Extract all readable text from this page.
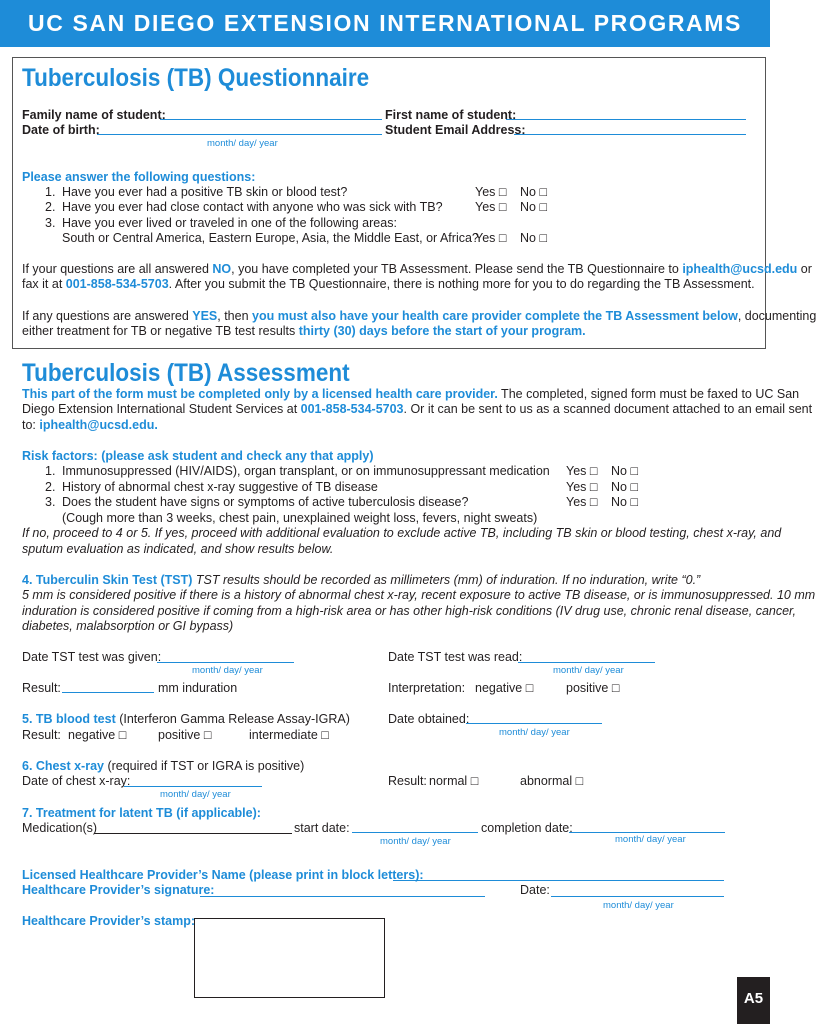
UC SAN DIEGO EXTENSION INTERNATIONAL PROGRAMS 2013
Tuberculosis (TB) Questionnaire
Family name of student:	First name of student:
Date of birth:	Student Email Address:
month/ day/ year
Please answer the following questions:
1. Have you ever had a positive TB skin or blood test?	Yes □ No □
2. Have you ever had close contact with anyone who was sick with TB?	Yes □ No □
3. Have you ever lived or traveled in one of the following areas:
South or Central America, Eastern Europe, Asia, the Middle East, or Africa?
Yes □ No □
If your questions are all answered NO, you have completed your TB Assessment. Please send the TB Questionnaire to iphealth@ucsd.edu or
fax it at 001-858-534-5703. After you submit the TB Questionnaire, there is nothing more for you to do regarding the TB Assessment.
If any questions are answered YES, then you must also have your health care provider complete the TB Assessment below, documenting
either treatment for TB or negative TB test results thirty (30) days before the start of your program.
Tuberculosis (TB) Assessment
This part of the form must be completed only by a licensed health care provider. The completed, signed form must be faxed to UC San
Diego Extension International Student Services at 001-858-534-5703. Or it can be sent to us as a scanned document attached to an email sent
to: iphealth@ucsd.edu.
Risk factors: (please ask student and check any that apply)
1. Immunosuppressed (HIV/AIDS), organ transplant, or on immunosuppressant medication Yes □ No □
2. History of abnormal chest x-ray suggestive of TB disease	Yes □ No □
3. Does the student have signs or symptoms of active tuberculosis disease?	Yes □ No □
(Cough more than 3 weeks, chest pain, unexplained weight loss, fevers, night sweats)
If no, proceed to 4 or 5. If yes, proceed with additional evaluation to exclude active TB, including TB skin or blood testing, chest x-ray, and
sputum evaluation as indicated, and show results below.
4. Tuberculin Skin Test (TST) TST results should be recorded as millimeters (mm) of induration. If no induration, write “0.”
5 mm is considered positive if there is a history of abnormal chest x-ray, recent exposure to active TB disease, or is immunosuppressed. 10 mm
induration is considered positive if coming from a high-risk area or has other high-risk conditions (IV drug use, chronic renal disease, cancer,
diabetes, malabsorption or GI bypass)
Date TST test was given:
month/ day/ year
Date TST test was read:
month/ day/ year
Result:	mm induration	Interpretation: negative □	positive □
5. TB blood test (Interferon Gamma Release Assay-IGRA)	Date obtained:
month/ day/ year
Result: negative □	positive □	intermediate □
6. Chest x-ray (required if TST or IGRA is positive)
Date of chest x-ray:
month/ day/ year
Result: normal □	abnormal □
7. Treatment for latent TB (if applicable):
Medication(s)	start date:
month/ day/ year
completion date:
month/ day/ year
Licensed Healthcare Provider’s Name (please print in block letters):
Healthcare Provider’s signature:	Date:
month/ day/ year
Healthcare Provider’s stamp:
A5
